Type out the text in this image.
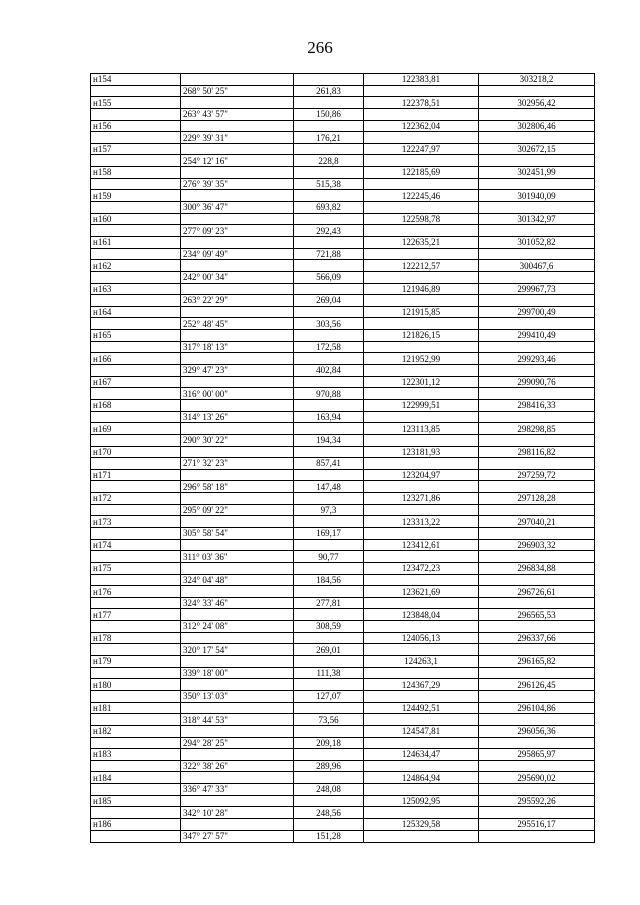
266
н154			122383,81	303218,2
	268° 50' 25"	261,83		
н155			122378,51	302956,42
	263° 43' 57"	150,86		
н156			122362,04	302806,46
	229° 39' 31"	176,21		
н157			122247,97	302672,15
	254° 12' 16"	228,8		
н158			122185,69	302451,99
	276° 39' 35"	515,38		
н159			122245,46	301940,09
	300° 36' 47"	693,82		
н160			122598,78	301342,97
	277° 09' 23"	292,43		
н161			122635,21	301052,82
	234° 09' 49"	721,88		
н162			122212,57	300467,6
	242° 00' 34"	566,09		
н163			121946,89	299967,73
	263° 22' 29"	269,04		
н164			121915,85	299700,49
	252° 48' 45"	303,56		
н165			121826,15	299410,49
	317° 18' 13"	172,58		
н166			121952,99	299293,46
	329° 47' 23"	402,84		
н167			122301,12	299090,76
	316° 00' 00"	970,88		
н168			122999,51	298416,33
	314° 13' 26"	163,94		
н169			123113,85	298298,85
	290° 30' 22"	194,34		
н170			123181,93	298116,82
	271° 32' 23"	857,41		
н171			123204,97	297259,72
	296° 58' 18"	147,48		
н172			123271,86	297128,28
	295° 09' 22"	97,3		
н173			123313,22	297040,21
	305° 58' 54"	169,17		
н174			123412,61	296903,32
	311° 03' 36"	90,77		
н175			123472,23	296834,88
	324° 04' 48"	184,56		
н176			123621,69	296726,61
	324° 33' 46"	277,81		
н177			123848,04	296565,53
	312° 24' 08"	308,59		
н178			124056,13	296337,66
	320° 17' 54"	269,01		
н179			124263,1	296165,82
	339° 18' 00"	111,38		
н180			124367,29	296126,45
	350° 13' 03"	127,07		
н181			124492,51	296104,86
	318° 44' 53"	73,56		
н182			124547,81	296056,36
	294° 28' 25"	209,18		
н183			124634,47	295865,97
	322° 38' 26"	289,96		
н184			124864,94	295690,02
	336° 47' 33"	248,08		
н185			125092,95	295592,26
	342° 10' 28"	248,56		
н186			125329,58	295516,17
	347° 27' 57"	151,28		
